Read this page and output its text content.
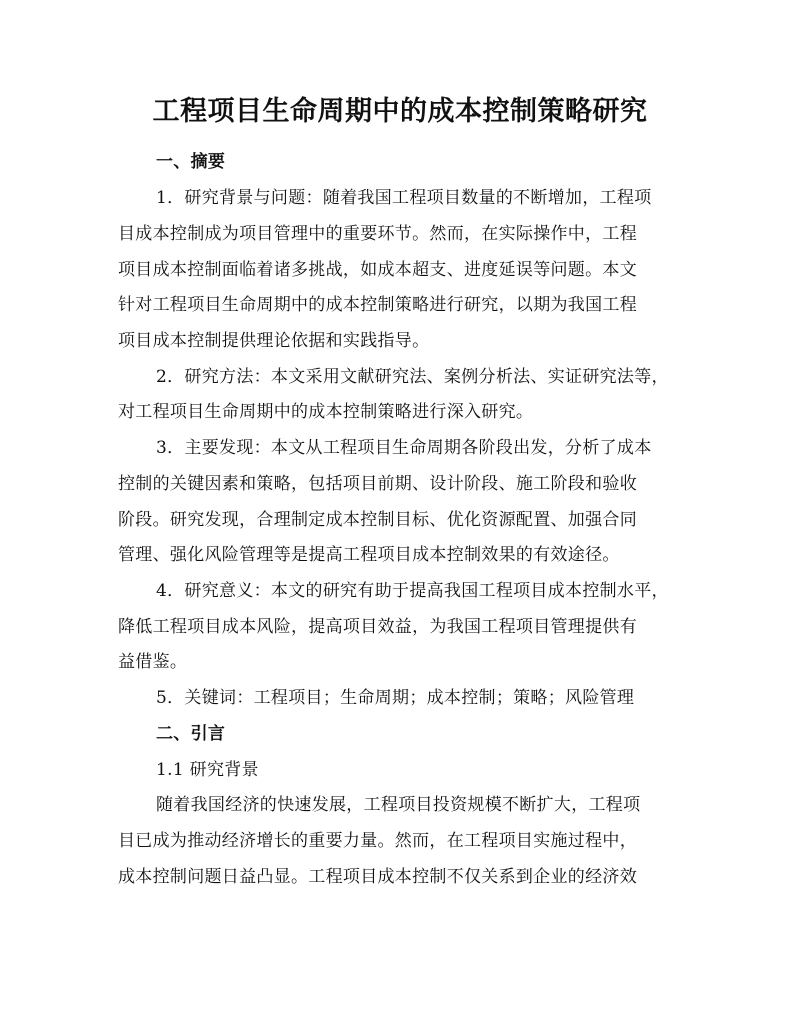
工程项目生命周期中的成本控制策略研究
一、摘要
1．研究背景与问题：随着我国工程项目数量的不断增加，工程项
目成本控制成为项目管理中的重要环节。然而，在实际操作中，工程
项目成本控制面临着诸多挑战，如成本超支、进度延误等问题。本文
针对工程项目生命周期中的成本控制策略进行研究，以期为我国工程
项目成本控制提供理论依据和实践指导。
2．研究方法：本文采用文献研究法、案例分析法、实证研究法等，
对工程项目生命周期中的成本控制策略进行深入研究。
3．主要发现：本文从工程项目生命周期各阶段出发，分析了成本
控制的关键因素和策略，包括项目前期、设计阶段、施工阶段和验收
阶段。研究发现，合理制定成本控制目标、优化资源配置、加强合同
管理、强化风险管理等是提高工程项目成本控制效果的有效途径。
4．研究意义：本文的研究有助于提高我国工程项目成本控制水平，
降低工程项目成本风险，提高项目效益，为我国工程项目管理提供有
益借鉴。
5．关键词：工程项目；生命周期；成本控制；策略；风险管理
二、引言
1.1 研究背景
随着我国经济的快速发展，工程项目投资规模不断扩大，工程项
目已成为推动经济增长的重要力量。然而，在工程项目实施过程中，
成本控制问题日益凸显。工程项目成本控制不仅关系到企业的经济效
